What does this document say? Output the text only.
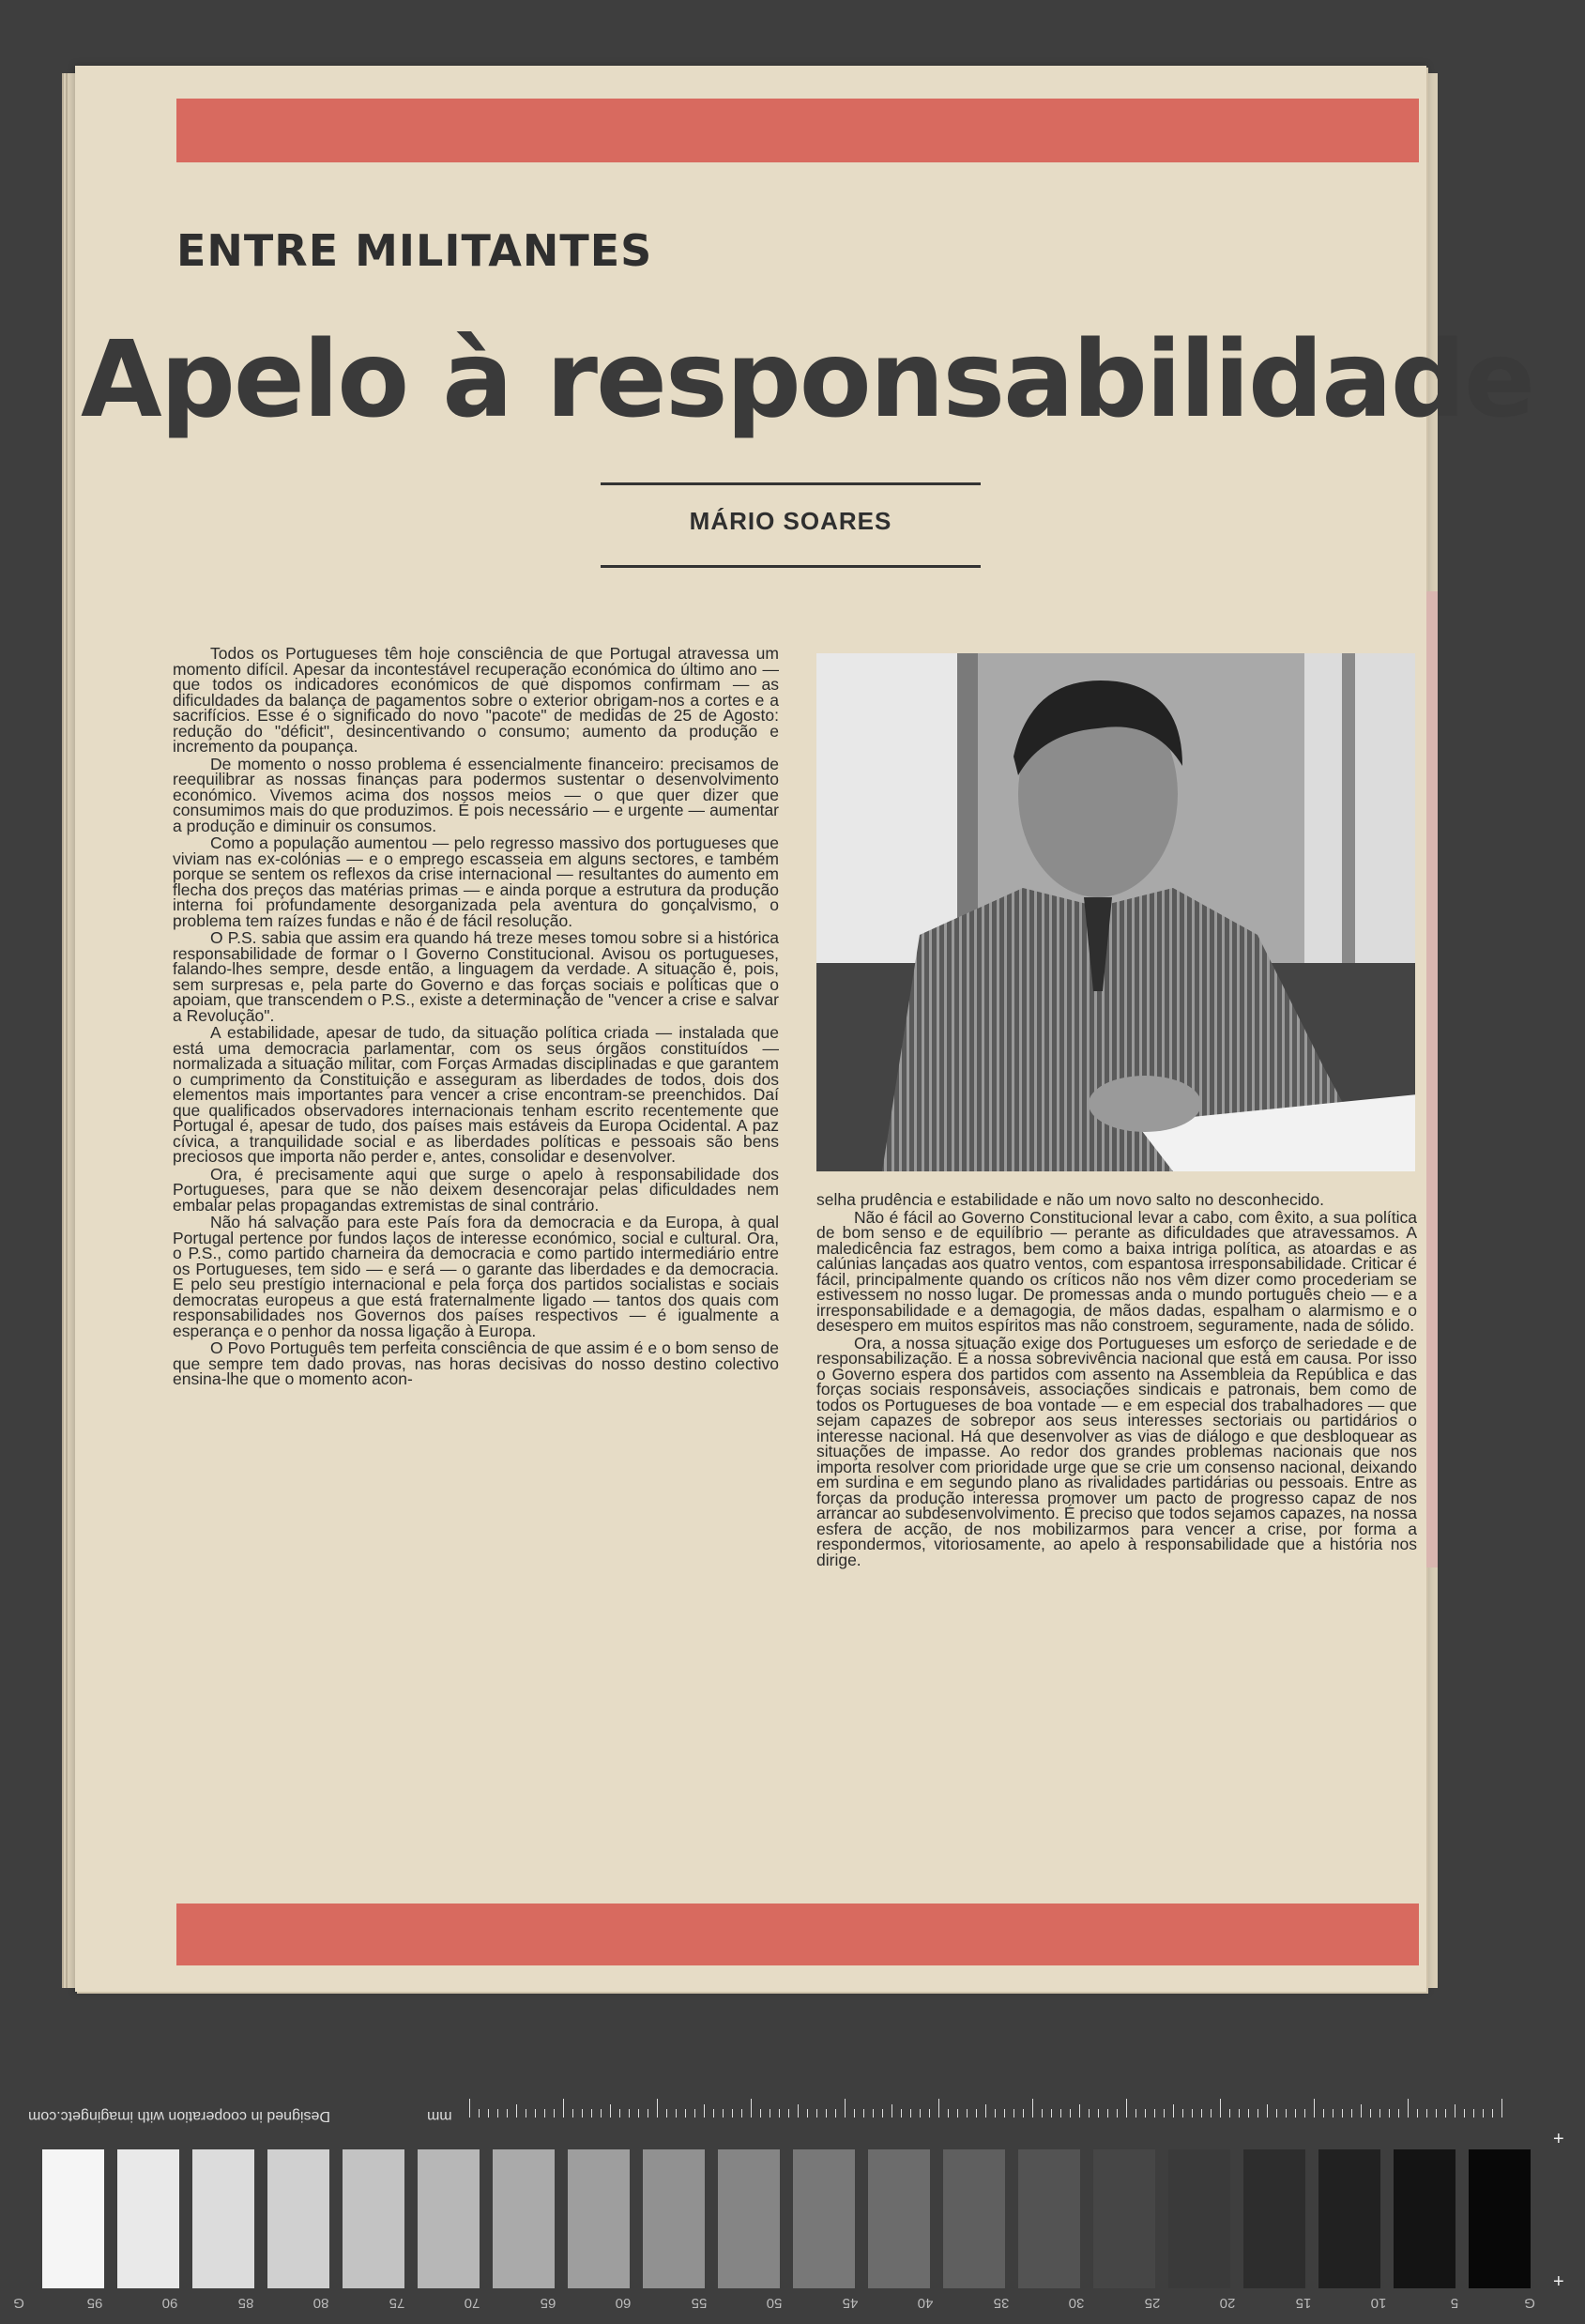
ENTRE MILITANTES
Apelo à responsabilidade
MÁRIO SOARES

Todos os Portugueses têm hoje consciência de que Portugal atravessa um momento difícil. Apesar da incontestável recuperação económica do último ano — que todos os indicadores económicos de que dispomos confirmam — as dificuldades da balança de pagamentos sobre o exterior obrigam-nos a cortes e a sacrifícios. Esse é o significado do novo "pacote" de medidas de 25 de Agosto: redução do "déficit", desincentivando o consumo; aumento da produção e incremento da poupança.

De momento o nosso problema é essencialmente financeiro: precisamos de reequilibrar as nossas finanças para podermos sustentar o desenvolvimento económico. Vivemos acima dos nossos meios — o que quer dizer que consumimos mais do que produzimos. É pois necessário — e urgente — aumentar a produção e diminuir os consumos.

Como a população aumentou — pelo regresso massivo dos portugueses que viviam nas ex-colónias — e o emprego escasseia em alguns sectores, e também porque se sentem os reflexos da crise internacional — resultantes do aumento em flecha dos preços das matérias primas — e ainda porque a estrutura da produção interna foi profundamente desorganizada pela aventura do gonçalvismo, o problema tem raízes fundas e não é de fácil resolução.

O P.S. sabia que assim era quando há treze meses tomou sobre si a histórica responsabilidade de formar o I Governo Constitucional. Avisou os portugueses, falando-lhes sempre, desde então, a linguagem da verdade. A situação é, pois, sem surpresas e, pela parte do Governo e das forças sociais e políticas que o apoiam, que transcendem o P.S., existe a determinação de "vencer a crise e salvar a Revolução".

A estabilidade, apesar de tudo, da situação política criada — instalada que está uma democracia parlamentar, com os seus órgãos constituídos — normalizada a situação militar, com Forças Armadas disciplinadas e que garantem o cumprimento da Constituição e asseguram as liberdades de todos, dois dos elementos mais importantes para vencer a crise encontram-se preenchidos. Daí que qualificados observadores internacionais tenham escrito recentemente que Portugal é, apesar de tudo, dos países mais estáveis da Europa Ocidental. A paz cívica, a tranquilidade social e as liberdades políticas e pessoais são bens preciosos que importa não perder e, antes, consolidar e desenvolver.

Ora, é precisamente aqui que surge o apelo à responsabilidade dos Portugueses, para que se não deixem desencorajar pelas dificuldades nem embalar pelas propagandas extremistas de sinal contrário.

Não há salvação para este País fora da democracia e da Europa, à qual Portugal pertence por fundos laços de interesse económico, social e cultural. Ora, o P.S., como partido charneira da democracia e como partido intermediário entre os Portugueses, tem sido — e será — o garante das liberdades e da democracia. E pelo seu prestígio internacional e pela força dos partidos socialistas e sociais democratas europeus a que está fraternalmente ligado — tantos dos quais com responsabilidades nos Governos dos países respectivos — é igualmente a esperança e o penhor da nossa ligação à Europa.

O Povo Português tem perfeita consciência de que assim é e o bom senso de que sempre tem dado provas, nas horas decisivas do nosso destino colectivo ensina-lhe que o momento acon-

selha prudência e estabilidade e não um novo salto no desconhecido.

Não é fácil ao Governo Constitucional levar a cabo, com êxito, a sua política de bom senso e de equilíbrio — perante as dificuldades que atravessamos. A maledicência faz estragos, bem como a baixa intriga política, as atoardas e as calúnias lançadas aos quatro ventos, com espantosa irresponsabilidade. Criticar é fácil, principalmente quando os críticos não nos vêm dizer como procederiam se estivessem no nosso lugar. De promessas anda o mundo português cheio — e a irresponsabilidade e a demagogia, de mãos dadas, espalham o alarmismo e o desespero em muitos espíritos mas não constroem, seguramente, nada de sólido.

Ora, a nossa situação exige dos Portugueses um esforço de seriedade e de responsabilização. É a nossa sobrevivência nacional que está em causa. Por isso o Governo espera dos partidos com assento na Assembleia da República e das forças sociais responsáveis, associações sindicais e patronais, bem como de todos os Portugueses de boa vontade — e em especial dos trabalhadores — que sejam capazes de sobrepor aos seus interesses sectoriais ou partidários o interesse nacional. Há que desenvolver as vias de diálogo e que desbloquear as situações de impasse. Ao redor dos grandes problemas nacionais que nos importa resolver com prioridade urge que se crie um consenso nacional, deixando em surdina e em segundo plano as rivalidades partidárias ou pessoais. Entre as forças da produção interessa promover um pacto de progresso capaz de nos arrancar ao subdesenvolvimento. É preciso que todos sejamos capazes, na nossa esfera de acção, de nos mobilizarmos para vencer a crise, por forma a respondermos, vitoriosamente, ao apelo à responsabilidade que a história nos dirige.

Designed in cooperation with imagingetc.com	mm
G	95	90	85	80	75	70	65	60	55	50	45	40	35	30	25	20	15	10	5	G
+
+
